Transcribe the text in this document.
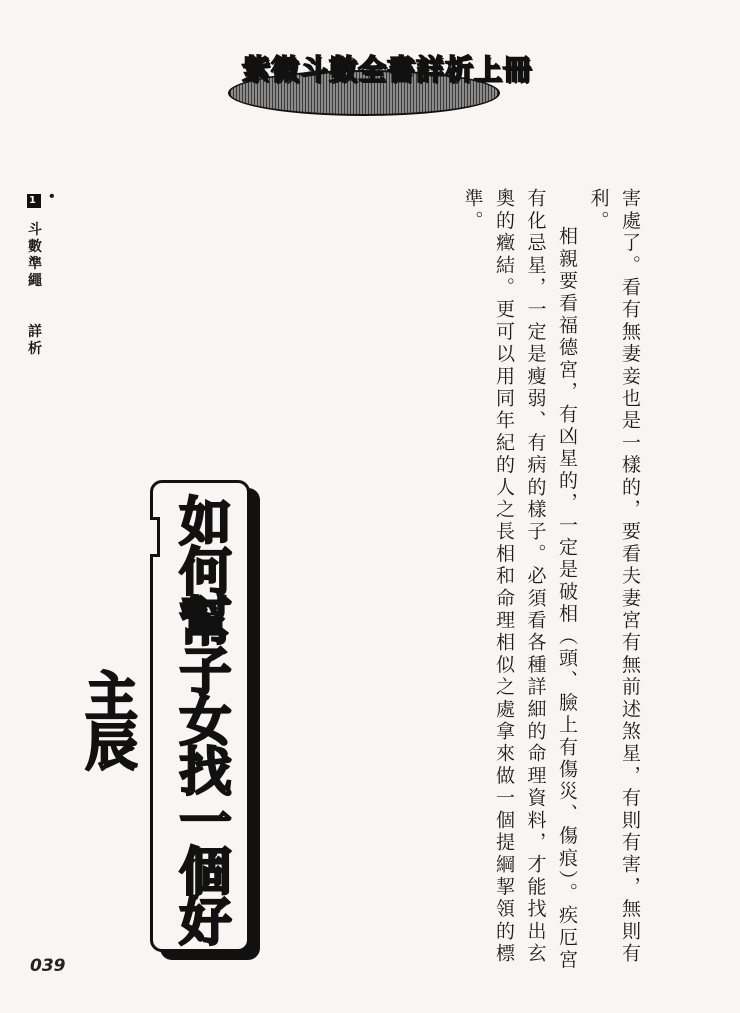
紫微斗數全書詳析上冊
•
1 斗數準繩  詳析	害處了。看有無妻妾也是一樣的，要看夫妻宮有無前述煞星，有則有害，無則有利。

相親要看福德宮，有凶星的，一定是破相（頭、臉上有傷災、傷痕）。疾厄宮有化忌星，一定是瘦弱、有病的樣子。必須看各種詳細的命理資料，才能找出玄奧的癥結。更可以用同年紀的人之長相和命理相似之處拿來做一個提綱挈領的標準。

如何幫子女找一個好主辰
039
